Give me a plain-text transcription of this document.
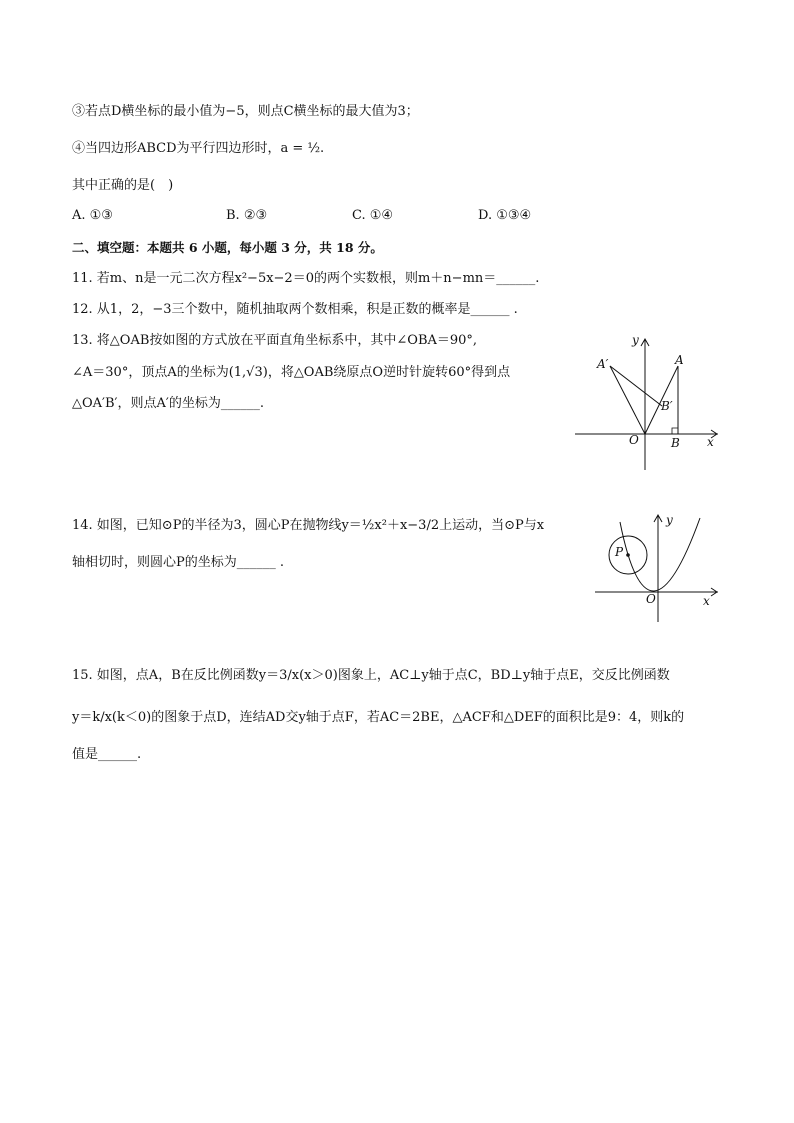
③若点D横坐标的最小值为−5，则点C横坐标的最大值为3；
④当四边形ABCD为平行四边形时，a = ½.
其中正确的是(　)
A. ①③	B. ②③	C. ①④	D. ①③④
二、填空题：本题共 6 小题，每小题 3 分，共 18 分。
11. 若m、n是一元二次方程x²−5x−2＝0的两个实数根，则m＋n−mn＝______.
12. 从1，2，−3三个数中，随机抽取两个数相乘，积是正数的概率是______ .
13. 将△OAB按如图的方式放在平面直角坐标系中，其中∠OBA＝90°,
∠A＝30°，顶点A的坐标为(1,√3)，将△OAB绕原点O逆时针旋转60°得到点
△OA′B′，则点A′的坐标为______.
y
x
O
A
B
A′
B′
14. 如图，已知⊙P的半径为3，圆心P在抛物线y＝½x²＋x−3/2上运动，当⊙P与x
轴相切时，则圆心P的坐标为______ .
y
x
O
P
15. 如图，点A，B在反比例函数y＝3/x(x＞0)图象上，AC⊥y轴于点C，BD⊥y轴于点E，交反比例函数
y＝k/x(k＜0)的图象于点D，连结AD交y轴于点F，若AC＝2BE，△ACF和△DEF的面积比是9：4，则k的
值是______.
